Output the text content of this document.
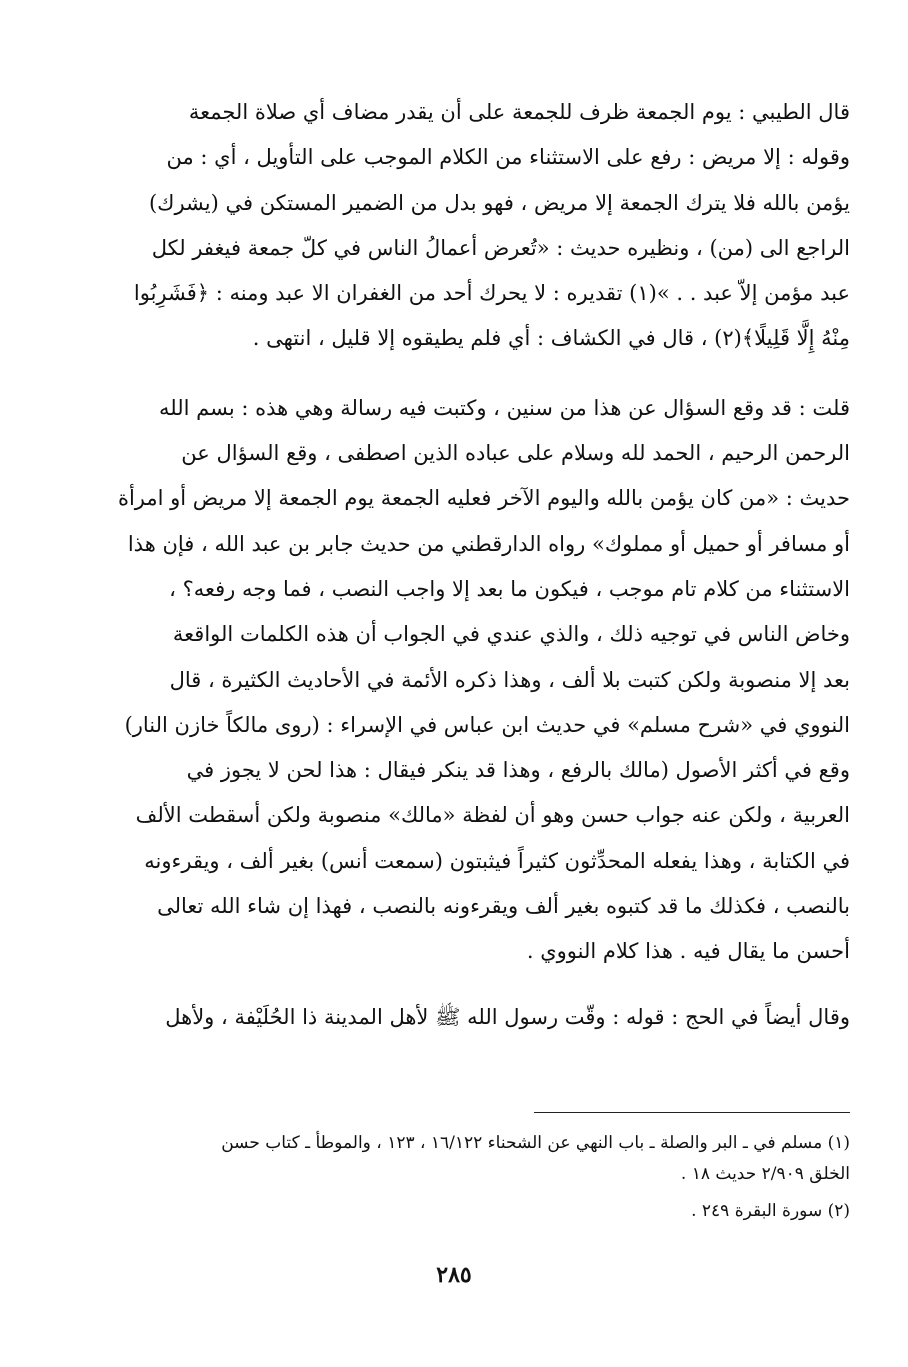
قال الطيبي : يوم الجمعة ظرف للجمعة على أن يقدر مضاف أي صلاة الجمعة
وقوله : إلا مريض : رفع على الاستثناء من الكلام الموجب على التأويل ، أي : من
يؤمن بالله فلا يترك الجمعة إلا مريض ، فهو بدل من الضمير المستكن في (يشرك)
الراجع الى (من) ، ونظيره حديث : «تُعرض أعمالُ الناس في كلّ جمعة فيغفر لكل
عبد مؤمن إلاّ عبد . . »(١) تقديره : لا يحرك أحد من الغفران الا عبد ومنه : ﴿فَشَرِبُوا
مِنْهُ إِلَّا قَلِيلًا﴾(٢) ، قال في الكشاف : أي فلم يطيقوه إلا قليل ، انتهى .
قلت : قد وقع السؤال عن هذا من سنين ، وكتبت فيه رسالة وهي هذه : بسم الله
الرحمن الرحيم ، الحمد لله وسلام على عباده الذين اصطفى ، وقع السؤال عن
حديث : «من كان يؤمن بالله واليوم الآخر فعليه الجمعة يوم الجمعة إلا مريض أو امرأة
أو مسافر أو حميل أو مملوك» رواه الدارقطني من حديث جابر بن عبد الله ، فإن هذا
الاستثناء من كلام تام موجب ، فيكون ما بعد إلا واجب النصب ، فما وجه رفعه؟ ،
وخاض الناس في توجيه ذلك ، والذي عندي في الجواب أن هذه الكلمات الواقعة
بعد إلا منصوبة ولكن كتبت بلا ألف ، وهذا ذكره الأئمة في الأحاديث الكثيرة ، قال
النووي في «شرح مسلم» في حديث ابن عباس في الإسراء : (روى مالكاً خازن النار)
وقع في أكثر الأصول (مالك بالرفع ، وهذا قد ينكر فيقال : هذا لحن لا يجوز في
العربية ، ولكن عنه جواب حسن وهو أن لفظة «مالك» منصوبة ولكن أسقطت الألف
في الكتابة ، وهذا يفعله المحدِّثون كثيراً فيثبتون (سمعت أنس) بغير ألف ، ويقرءونه
بالنصب ، فكذلك ما قد كتبوه بغير ألف ويقرءونه بالنصب ، فهذا إن شاء الله تعالى
أحسن ما يقال فيه . هذا كلام النووي .
وقال أيضاً في الحج : قوله : وقّت رسول الله ﷺ لأهل المدينة ذا الحُلَيْفة ، ولأهل
(١) مسلم في ـ البر والصلة ـ باب النهي عن الشحناء ١٦/١٢٢ ، ١٢٣ ، والموطأ ـ كتاب حسن
الخلق ٢/٩٠٩ حديث ١٨ .
(٢) سورة البقرة ٢٤٩ .
٢٨٥
